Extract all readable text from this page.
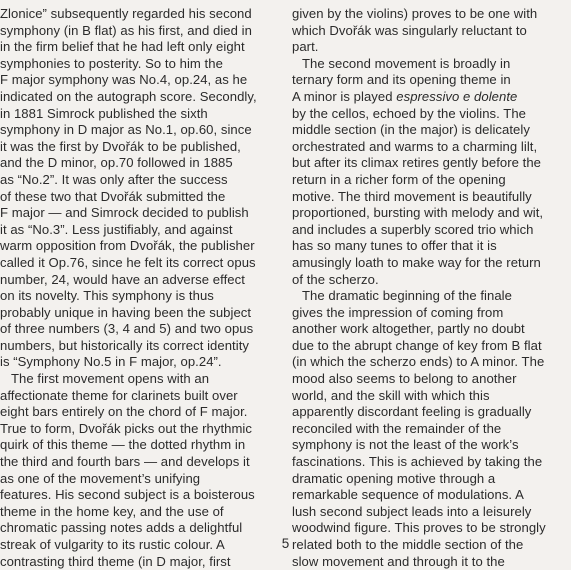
Zlonice” subsequently regarded his second
symphony (in B flat) as his first, and died in
in the firm belief that he had left only eight
symphonies to posterity. So to him the
F major symphony was No.4, op.24, as he
indicated on the autograph score. Secondly,
in 1881 Simrock published the sixth
symphony in D major as No.1, op.60, since
it was the first by Dvořák to be published,
and the D minor, op.70 followed in 1885
as “No.2”. It was only after the success
of these two that Dvořák submitted the
F major — and Simrock decided to publish
it as “No.3”. Less justifiably, and against
warm opposition from Dvořák, the publisher
called it Op.76, since he felt its correct opus
number, 24, would have an adverse effect
on its novelty. This symphony is thus
probably unique in having been the subject
of three numbers (3, 4 and 5) and two opus
numbers, but historically its correct identity
is “Symphony No.5 in F major, op.24”.
The first movement opens with an
affectionate theme for clarinets built over
eight bars entirely on the chord of F major.
True to form, Dvořák picks out the rhythmic
quirk of this theme — the dotted rhythm in
the third and fourth bars — and develops it
as one of the movement’s unifying
features. His second subject is a boisterous
theme in the home key, and the use of
chromatic passing notes adds a delightful
streak of vulgarity to its rustic colour. A
contrasting third theme (in D major, first
given by the violins) proves to be one with
which Dvořák was singularly reluctant to
part.
The second movement is broadly in
ternary form and its opening theme in
A minor is played espressivo e dolente
by the cellos, echoed by the violins. The
middle section (in the major) is delicately
orchestrated and warms to a charming lilt,
but after its climax retires gently before the
return in a richer form of the opening
motive. The third movement is beautifully
proportioned, bursting with melody and wit,
and includes a superbly scored trio which
has so many tunes to offer that it is
amusingly loath to make way for the return
of the scherzo.
The dramatic beginning of the finale
gives the impression of coming from
another work altogether, partly no doubt
due to the abrupt change of key from B flat
(in which the scherzo ends) to A minor. The
mood also seems to belong to another
world, and the skill with which this
apparently discordant feeling is gradually
reconciled with the remainder of the
symphony is not the least of the work’s
fascinations. This is achieved by taking the
dramatic opening motive through a
remarkable sequence of modulations. A
lush second subject leads into a leisurely
woodwind figure. This proves to be strongly
related both to the middle section of the
slow movement and through it to the
5
